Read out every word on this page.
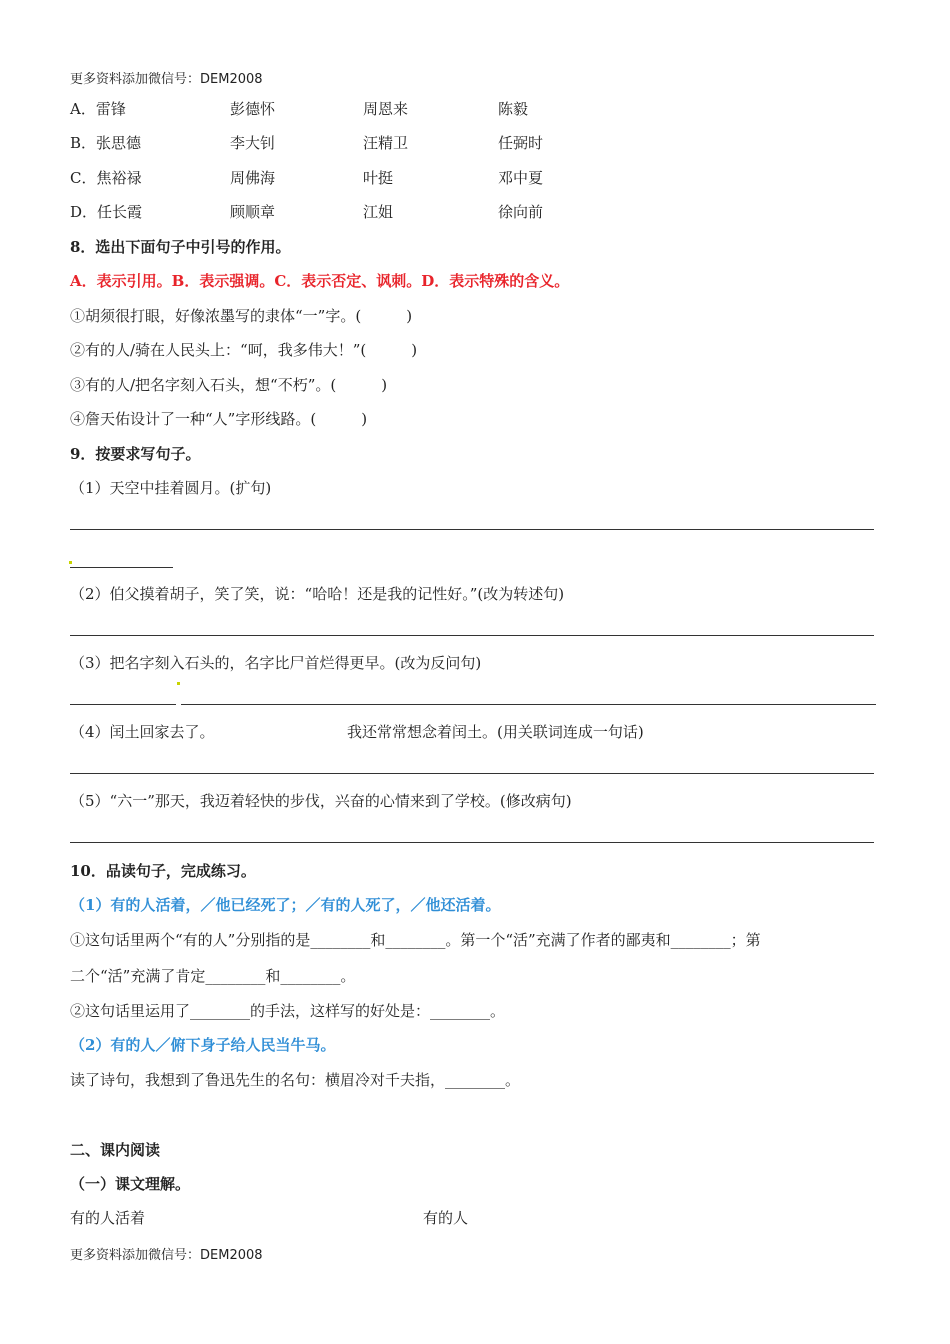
更多资料添加微信号：DEM2008
A．雷锋	彭德怀	周恩来	陈毅
B．张思德	李大钊	汪精卫	任弼时
C．焦裕禄	周佛海	叶挺	邓中夏
D．任长霞	顾顺章	江姐	徐向前
8．选出下面句子中引号的作用。
A．表示引用。B．表示强调。C．表示否定、讽刺。D．表示特殊的含义。
①胡须很打眼，好像浓墨写的隶体“一”字。(　　　)
②有的人/骑在人民头上：“呵，我多伟大！”(　　　)
③有的人/把名字刻入石头，想“不朽”。(　　　)
④詹天佑设计了一种“人”字形线路。(　　　)
9．按要求写句子。
（1）天空中挂着圆月。(扩句)
（2）伯父摸着胡子，笑了笑，说：“哈哈！还是我的记性好。”(改为转述句)
（3）把名字刻入石头的，名字比尸首烂得更早。(改为反问句)
（4）闰土回家去了。	我还常常想念着闰土。(用关联词连成一句话)
（5）“六一”那天，我迈着轻快的步伐，兴奋的心情来到了学校。(修改病句)
10．品读句子，完成练习。
（1）有的人活着，／他已经死了；／有的人死了，／他还活着。
①这句话里两个“有的人”分别指的是________和________。第一个“活”充满了作者的鄙夷和________；第
二个“活”充满了肯定________和________。
②这句话里运用了________的手法，这样写的好处是：________。
（2）有的人／俯下身子给人民当牛马。
读了诗句，我想到了鲁迅先生的名句：横眉冷对千夫指，________。
二、课内阅读
（一）课文理解。
有的人活着	有的人
更多资料添加微信号：DEM2008
